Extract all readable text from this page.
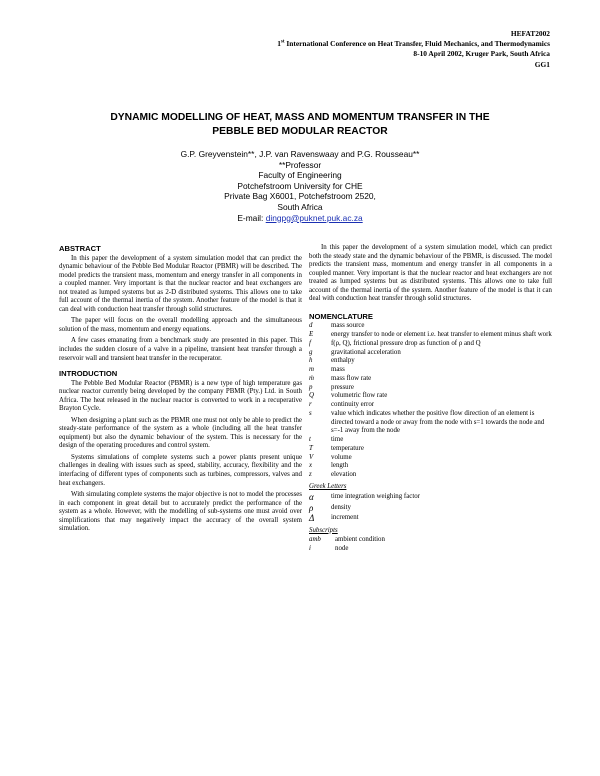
HEFAT2002
1st International Conference on Heat Transfer, Fluid Mechanics, and Thermodynamics
8-10 April 2002, Kruger Park, South Africa
GG1
DYNAMIC MODELLING OF HEAT, MASS AND MOMENTUM TRANSFER IN THE
PEBBLE BED MODULAR REACTOR
G.P. Greyvenstein**, J.P. van Ravenswaay and P.G. Rousseau**
**Professor
Faculty of Engineering
Potchefstroom University for CHE
Private Bag X6001, Potchefstroom 2520,
South Africa
E-mail: dingpg@puknet.puk.ac.za
ABSTRACT

In this paper the development of a system simulation model that can predict the dynamic behaviour of the Pebble Bed Modular Reactor (PBMR) will be described. The model predicts the transient mass, momentum and energy transfer in all components in a coupled manner. Very important is that the nuclear reactor and heat exchangers are not treated as lumped systems but as 2-D distributed systems. This allows one to take full account of the thermal inertia of the system. Another feature of the model is that it can deal with conduction heat transfer through solid structures.

The paper will focus on the overall modelling approach and the simultaneous solution of the mass, momentum and energy equations.

A few cases emanating from a benchmark study are presented in this paper. This includes the sudden closure of a valve in a pipeline, transient heat transfer through a reservoir wall and transient heat transfer in the recuperator.

INTRODUCTION

The Pebble Bed Modular Reactor (PBMR) is a new type of high temperature gas nuclear reactor currently being developed by the company PBMR (Pty.) Ltd. in South Africa. The heat released in the nuclear reactor is converted to work in a recuperative Brayton Cycle.

When designing a plant such as the PBMR one must not only be able to predict the steady-state performance of the system as a whole (including all the heat transfer equipment) but also the dynamic behaviour of the system. This is necessary for the design of the operating procedures and control system.

Systems simulations of complete systems such a power plants present unique challenges in dealing with issues such as speed, stability, accuracy, flexibility and the interfacing of different types of components such as turbines, compressors, valves and heat exchangers.

With simulating complete systems the major objective is not to model the processes in each component in great detail but to accurately predict the performance of the system as a whole. However, with the modelling of sub-systems one must avoid over simplifications that may negatively impact the accuracy of the overall system simulation.

In this paper the development of a system simulation model, which can predict both the steady state and the dynamic behaviour of the PBMR, is discussed. The model predicts the transient mass, momentum and energy transfer in all components in a coupled manner. Very important is that the nuclear reactor and heat exchangers are not treated as lumped systems but as distributed systems. This allows one to take full account of the thermal inertia of the system. Another feature of the model is that it can deal with conduction heat transfer through solid structures.

NOMENCLATURE
d	mass source
E	energy transfer to node or element i.e. heat transfer to element minus shaft work
f	f(ρ, Q), frictional pressure drop as function of ρ and Q
g	gravitational acceleration
h	enthalpy
m	mass
ṁ	mass flow rate
p	pressure
Q	volumetric flow rate
r	continuity error
s	value which indicates whether the positive flow direction of an element is directed toward a node or away from the node with s=1 towards the node and s=-1 away from the node
t	time
T	temperature
V	volume
x	length
z	elevation
Greek Letters
α	time integration weighing factor
ρ	density
Δ	increment
Subscripts
amb	ambient condition
i	node
